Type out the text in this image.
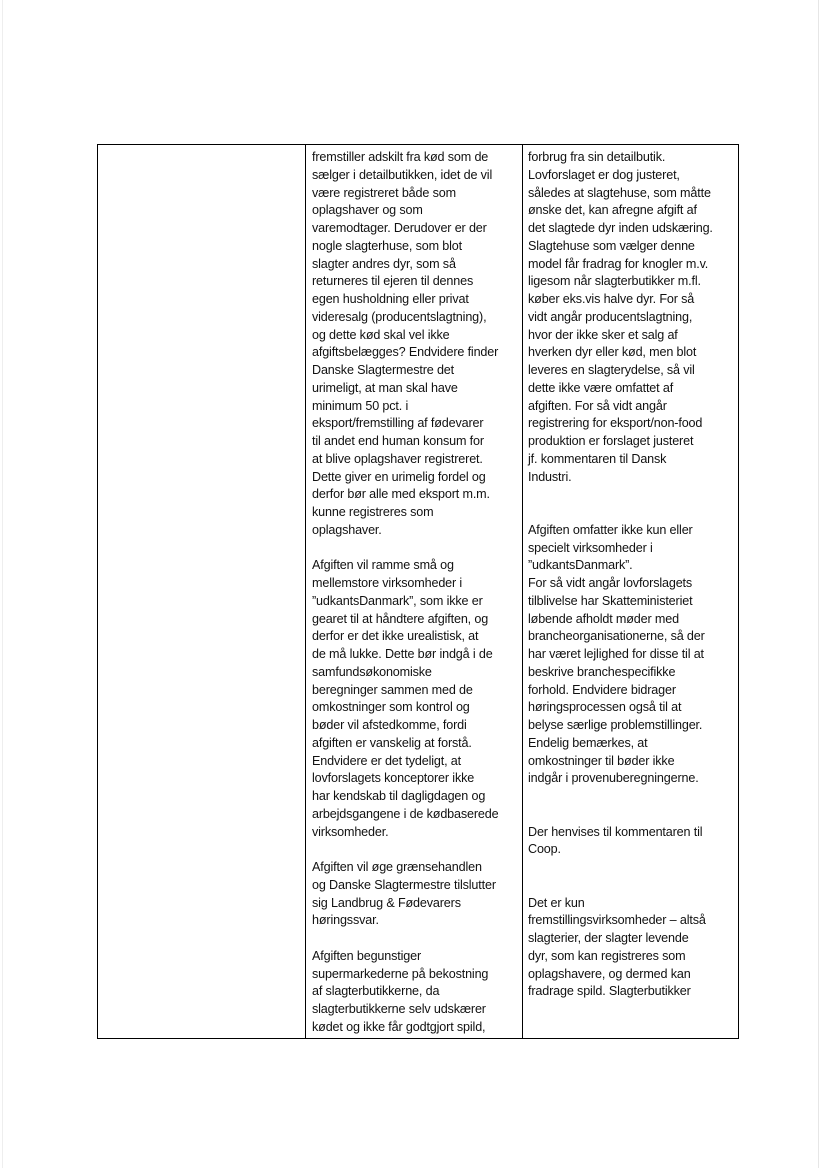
fremstiller adskilt fra kød som de
sælger i detailbutikken, idet de vil
være registreret både som
oplagshaver og som
varemodtager. Derudover er der
nogle slagterhuse, som blot
slagter andres dyr, som så
returneres til ejeren til dennes
egen husholdning eller privat
videresalg (producentslagtning),
og dette kød skal vel ikke
afgiftsbelægges? Endvidere finder
Danske Slagtermestre det
urimeligt, at man skal have
minimum 50 pct. i
eksport/fremstilling af fødevarer
til andet end human konsum for
at blive oplagshaver registreret.
Dette giver en urimelig fordel og
derfor bør alle med eksport m.m.
kunne registreres som
oplagshaver.
Afgiften vil ramme små og
mellemstore virksomheder i
”udkantsDanmark”, som ikke er
gearet til at håndtere afgiften, og
derfor er det ikke urealistisk, at
de må lukke. Dette bør indgå i de
samfundsøkonomiske
beregninger sammen med de
omkostninger som kontrol og
bøder vil afstedkomme, fordi
afgiften er vanskelig at forstå.
Endvidere er det tydeligt, at
lovforslagets konceptorer ikke
har kendskab til dagligdagen og
arbejdsgangene i de kødbaserede
virksomheder.
Afgiften vil øge grænsehandlen
og Danske Slagtermestre tilslutter
sig Landbrug & Fødevarers
høringssvar.
Afgiften begunstiger
supermarkederne på bekostning
af slagterbutikkerne, da
slagterbutikkerne selv udskærer
kødet og ikke får godtgjort spild,
forbrug fra sin detailbutik.
Lovforslaget er dog justeret,
således at slagtehuse, som måtte
ønske det, kan afregne afgift af
det slagtede dyr inden udskæring.
Slagtehuse som vælger denne
model får fradrag for knogler m.v.
ligesom når slagterbutikker m.fl.
køber eks.vis halve dyr. For så
vidt angår producentslagtning,
hvor der ikke sker et salg af
hverken dyr eller kød, men blot
leveres en slagterydelse, så vil
dette ikke være omfattet af
afgiften. For så vidt angår
registrering for eksport/non-food
produktion er forslaget justeret
jf. kommentaren til Dansk
Industri.
Afgiften omfatter ikke kun eller
specielt virksomheder i
”udkantsDanmark”.
For så vidt angår lovforslagets
tilblivelse har Skatteministeriet
løbende afholdt møder med
brancheorganisationerne, så der
har været lejlighed for disse til at
beskrive branchespecifikke
forhold. Endvidere bidrager
høringsprocessen også til at
belyse særlige problemstillinger.
Endelig bemærkes, at
omkostninger til bøder ikke
indgår i provenuberegningerne.
Der henvises til kommentaren til
Coop.
Det er kun
fremstillingsvirksomheder – altså
slagterier, der slagter levende
dyr, som kan registreres som
oplagshavere, og dermed kan
fradrage spild. Slagterbutikker
